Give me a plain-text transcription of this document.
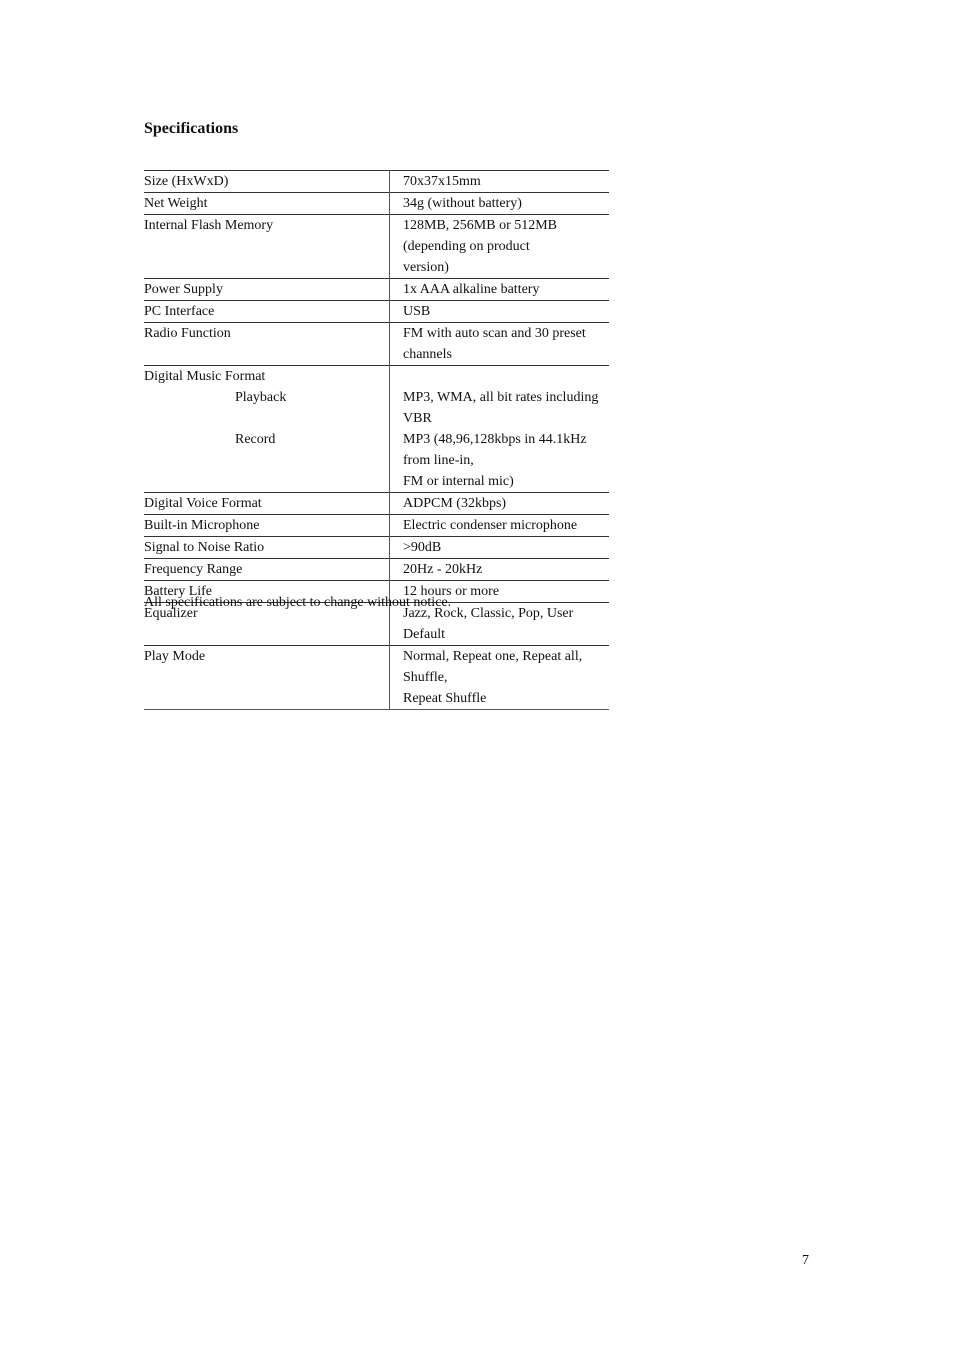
Specifications
Size (HxWxD)	70x37x15mm
Net Weight	34g (without battery)
Internal Flash Memory	128MB, 256MB or 512MB (depending on product
version)

Power Supply	1x AAA alkaline battery
PC Interface	USB
Radio Function	FM with auto scan and 30 preset channels
Digital Music Format	
Playback	MP3, WMA, all bit rates including VBR
Record	MP3 (48,96,128kbps in 44.1kHz from line-in,
FM or internal mic)

Digital Voice Format	ADPCM (32kbps)
Built-in Microphone	Electric condenser microphone
Signal to Noise Ratio	>90dB
Frequency Range	20Hz - 20kHz
Battery Life	12 hours or more
Equalizer	Jazz, Rock, Classic, Pop, User Default
Play Mode	Normal, Repeat one, Repeat all, Shuffle,
Repeat Shuffle

All specifications are subject to change without notice.

7
